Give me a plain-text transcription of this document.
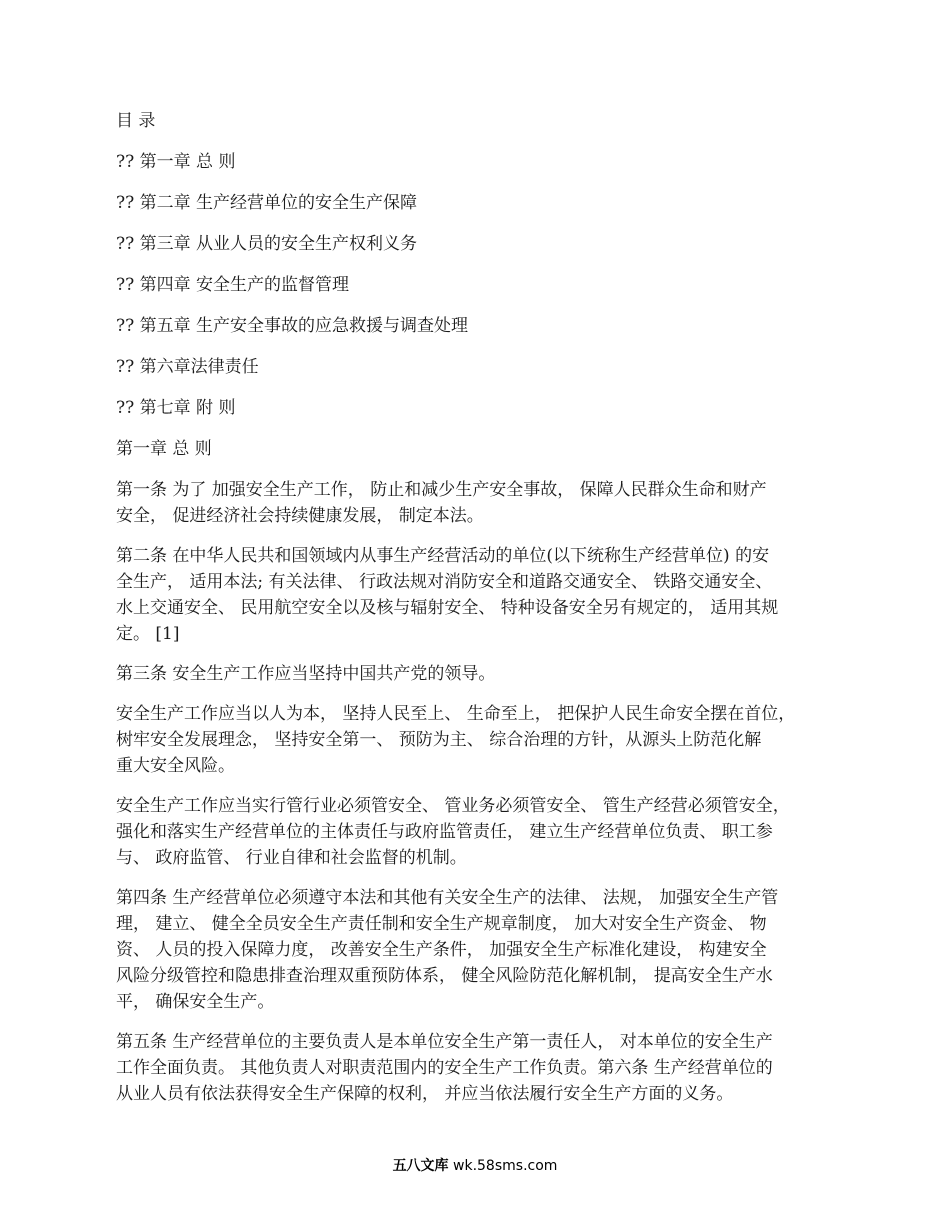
目 录

?? 第一章 总 则

?? 第二章 生产经营单位的安全生产保障

?? 第三章 从业人员的安全生产权利义务

?? 第四章 安全生产的监督管理

?? 第五章 生产安全事故的应急救援与调查处理

?? 第六章法律责任

?? 第七章 附 则

第一章 总 则

第一条 为了 加强安全生产工作， 防止和减少生产安全事故， 保障人民群众生命和财产
安全， 促进经济社会持续健康发展， 制定本法。

第二条 在中华人民共和国领域内从事生产经营活动的单位(以下统称生产经营单位) 的安
全生产， 适用本法; 有关法律、 行政法规对消防安全和道路交通安全、 铁路交通安全、
水上交通安全、 民用航空安全以及核与辐射安全、 特种设备安全另有规定的， 适用其规
定。 [1]

第三条 安全生产工作应当坚持中国共产党的领导。

安全生产工作应当以人为本， 坚持人民至上、 生命至上， 把保护人民生命安全摆在首位，
树牢安全发展理念， 坚持安全第一、 预防为主、 综合治理的方针，从源头上防范化解
重大安全风险。

安全生产工作应当实行管行业必须管安全、 管业务必须管安全、 管生产经营必须管安全，
强化和落实生产经营单位的主体责任与政府监管责任， 建立生产经营单位负责、 职工参
与、 政府监管、 行业自律和社会监督的机制。

第四条 生产经营单位必须遵守本法和其他有关安全生产的法律、 法规， 加强安全生产管
理， 建立、 健全全员安全生产责任制和安全生产规章制度， 加大对安全生产资金、 物
资、 人员的投入保障力度， 改善安全生产条件， 加强安全生产标准化建设， 构建安全
风险分级管控和隐患排查治理双重预防体系， 健全风险防范化解机制， 提高安全生产水
平， 确保安全生产。

第五条 生产经营单位的主要负责人是本单位安全生产第一责任人， 对本单位的安全生产
工作全面负责。 其他负责人对职责范围内的安全生产工作负责。第六条 生产经营单位的
从业人员有依法获得安全生产保障的权利， 并应当依法履行安全生产方面的义务。

五八文库 wk.58sms.com
